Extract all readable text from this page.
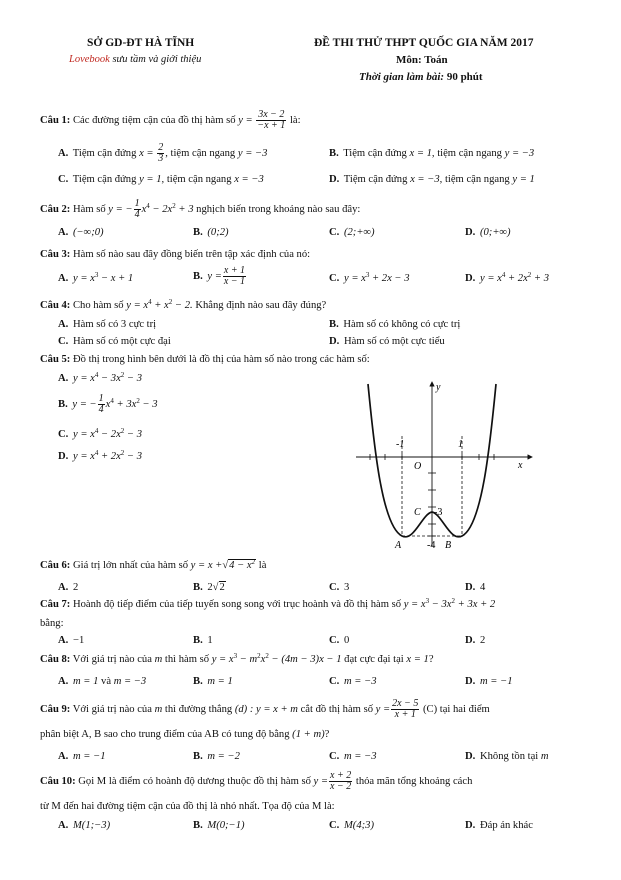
SỞ GD-ĐT HÀ TĨNH
Lovebook sưu tầm và giới thiệu
ĐỀ THI THỬ THPT QUỐC GIA NĂM 2017
Môn: Toán
Thời gian làm bài: 90 phút
Câu 1: Các đường tiệm cận của đồ thị hàm số $y = \frac{3x - 2}{-x + 1}$ là:
A. Tiệm cận đứng $x = \frac{2}{3}$ , tiệm cận ngang y = −3	B. Tiệm cận đứng x = 1, tiệm cận ngang y = −3
C. Tiệm cận đứng y = 1, tiệm cận ngang x = −3	D. Tiệm cận đứng x = −3, tiệm cận ngang y = 1
Câu 2: Hàm số y = − $\frac{1}{4} x^4 - 2x^2 + 3$ nghịch biến trong khoảng nào sau đây:
A. (−∞;0)	B. (0;2)	C. (2;+∞)	D. (0;+∞)
Câu 3: Hàm số nào sau đây đồng biến trên tập xác định của nó:
A. $y = x^3 - x + 1$	B. $y = \frac{x + 1}{x - 1}$	C. $y = x^3 + 2x - 3$	D. $y = x^4 + 2x^2 + 3$
Câu 4: Cho hàm số $y = x^4 + x^2 - 2$. Khẳng định nào sau đây đúng?
A. Hàm số có 3 cực trị	B. Hàm số có không có cực trị
C. Hàm số có một cực đại	D. Hàm số có một cực tiểu
Câu 5: Đồ thị trong hình bên dưới là đồ thị của hàm số nào trong các hàm số:
A. $y = x^4 - 3x^2 - 3$
B. y = − $\frac{1}{4} x^4 + 3x^2 - 3$
C. $y = x^4 - 2x^2 - 3$
D. $y = x^4 + 2x^2 - 3$
y
x
O
-1	1
C -3
A	-4 B
Câu 6: Giá trị lớn nhất của hàm số $y = x +√4 - x^2$ là
A. 2	B. 2√2	C. 3	D. 4
Câu 7: Hoành độ tiếp điểm của tiếp tuyến song song với trục hoành và đồ thị hàm số $y = x^3 - 3x^2 + 3x + 2$
bằng:
A. −1	B. 1	C. 0	D. 2
Câu 8: Với giá trị nào của m thì hàm số $y = x^3 - m^2x^2 - (4m - 3)x - 1$ đạt cực đại tại x = 1?
A. m = 1 và m = −3	B. m = 1	C. m = −3	D. m = −1
Câu 9: Với giá trị nào của m thì đường thẳng (d) : y = x + m cắt đồ thị hàm số $y = \frac{2x - 5}{x + 1} (C)$ tại hai điểm
phân biệt A, B sao cho trung điểm của AB có tung độ bằng (1 + m)?
A. m = −1	B. m = −2	C. m = −3	D. Không tồn tại m
Câu 10: Gọi M là điểm có hoành độ dương thuộc đồ thị hàm số $y = \frac{x + 2}{x - 2}$ thỏa mãn tổng khoảng cách
từ M đến hai đường tiệm cận của đồ thị là nhỏ nhất. Tọa độ của M là:
A. M(1;−3)	B. M(0;−1)	C. M(4;3)	D. Đáp án khác
